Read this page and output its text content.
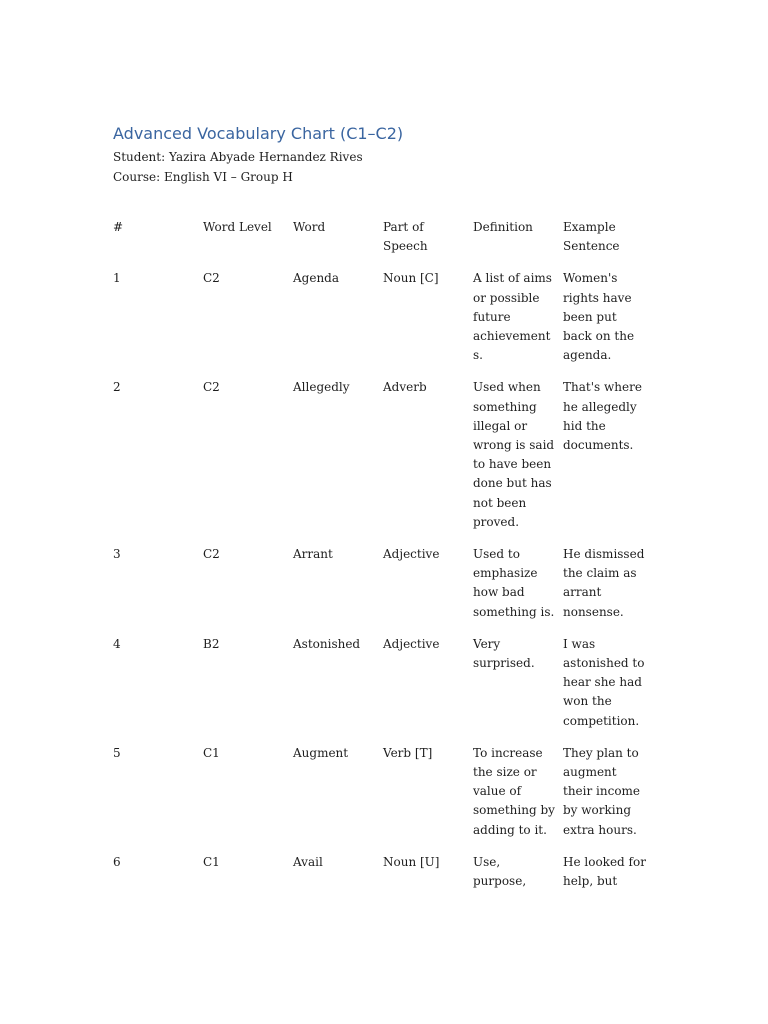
Advanced Vocabulary Chart (C1–C2)
Student: Yazira Abyade Hernandez Rives
Course: English VI – Group H
#	Word Level	Word	Part of Speech	Definition	Example Sentence

1	C2	Agenda	Noun [C]	A list of aims or possible future achievement s.	Women's rights have been put back on the agenda.

2	C2	Allegedly	Adverb	Used when something illegal or wrong is said to have been done but has not been proved.	That's where he allegedly hid the documents.

3	C2	Arrant	Adjective	Used to emphasize how bad something is.	He dismissed the claim as arrant nonsense.

4	B2	Astonished	Adjective	Very surprised.	I was astonished to hear she had won the competition.

5	C1	Augment	Verb [T]	To increase the size or value of something by adding to it.	They plan to augment their income by working extra hours.

6	C1	Avail	Noun [U]	Use, purpose,	He looked for help, but
